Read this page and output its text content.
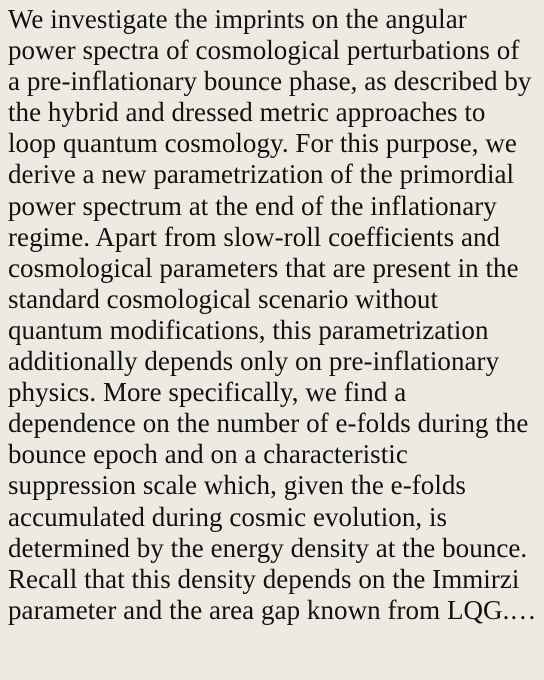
We investigate the imprints on the angular
power spectra of cosmological perturbations of
a pre-inflationary bounce phase, as described by
the hybrid and dressed metric approaches to
loop quantum cosmology. For this purpose, we
derive a new parametrization of the primordial
power spectrum at the end of the inflationary
regime. Apart from slow-roll coefficients and
cosmological parameters that are present in the
standard cosmological scenario without
quantum modifications, this parametrization
additionally depends only on pre-inflationary
physics. More specifically, we find a
dependence on the number of e-folds during the
bounce epoch and on a characteristic
suppression scale which, given the e-folds
accumulated during cosmic evolution, is
determined by the energy density at the bounce.
Recall that this density depends on the Immirzi
parameter and the area gap known from LQG.…
